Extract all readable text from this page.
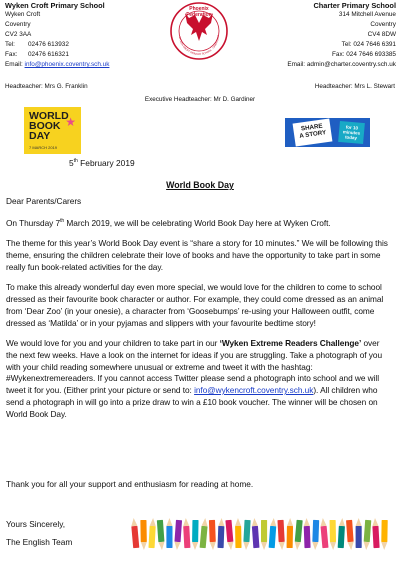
Wyken Croft Primary School
Wyken Croft
Coventry
CV2 3AA
Tel:	02476 613932
Fax:	02476 616321
Email: info@phoenix.coventry.sch.uk
Phoenix
Federation
WYKEN CROFT PRIMARY SCHOOL · CHARTER P
Charter Primary School
314 Mitchell Avenue
Coventry
CV4 8DW
Tel: 024 7646 6391
Fax: 024 7646 693385
Email: admin@charter.coventry.sch.uk
Headteacher: Mrs G. Franklin	Headteacher: Mrs L. Stewart
Executive Headteacher: Mr D. Gardiner
WORLD
BOOK
DAY
7 MARCH 2019
★	SHARE
A STORY
for 10 minutes today
5th February 2019
World Book Day

Dear Parents/Carers

On Thursday 7th March 2019, we will be celebrating World Book Day here at Wyken Croft.

The theme for this year’s World Book Day event is “share a story for 10 minutes.” We will be following this theme, ensuring the children celebrate their love of books and have the opportunity to take part in some really fun book-related activities for the day.

To make this already wonderful day even more special, we would love for the children to come to school dressed as their favourite book character or author. For example, they could come dressed as an animal from ‘Dear Zoo’ (in your onesie), a character from ‘Goosebumps’ re-using your Halloween outfit, come dressed as ‘Matilda’ or in your pyjamas and slippers with your favourite bedtime story!

We would love for you and your children to take part in our ‘Wyken Extreme Readers Challenge’ over the next few weeks. Have a look on the internet for ideas if you are struggling. Take a photograph of you with your child reading somewhere unusual or extreme and tweet it with the hashtag: #Wykenextremereaders. If you cannot access Twitter please send a photograph into school and we will tweet it for you. (Either print your picture or send to: info@wykencroft.coventry.sch.uk). All children who send a photograph in will go into a prize draw to win a £10 book voucher. The winner will be chosen on World Book Day.

Thank you for all your support and enthusiasm for reading at home.
Yours Sincerely,
The English Team
